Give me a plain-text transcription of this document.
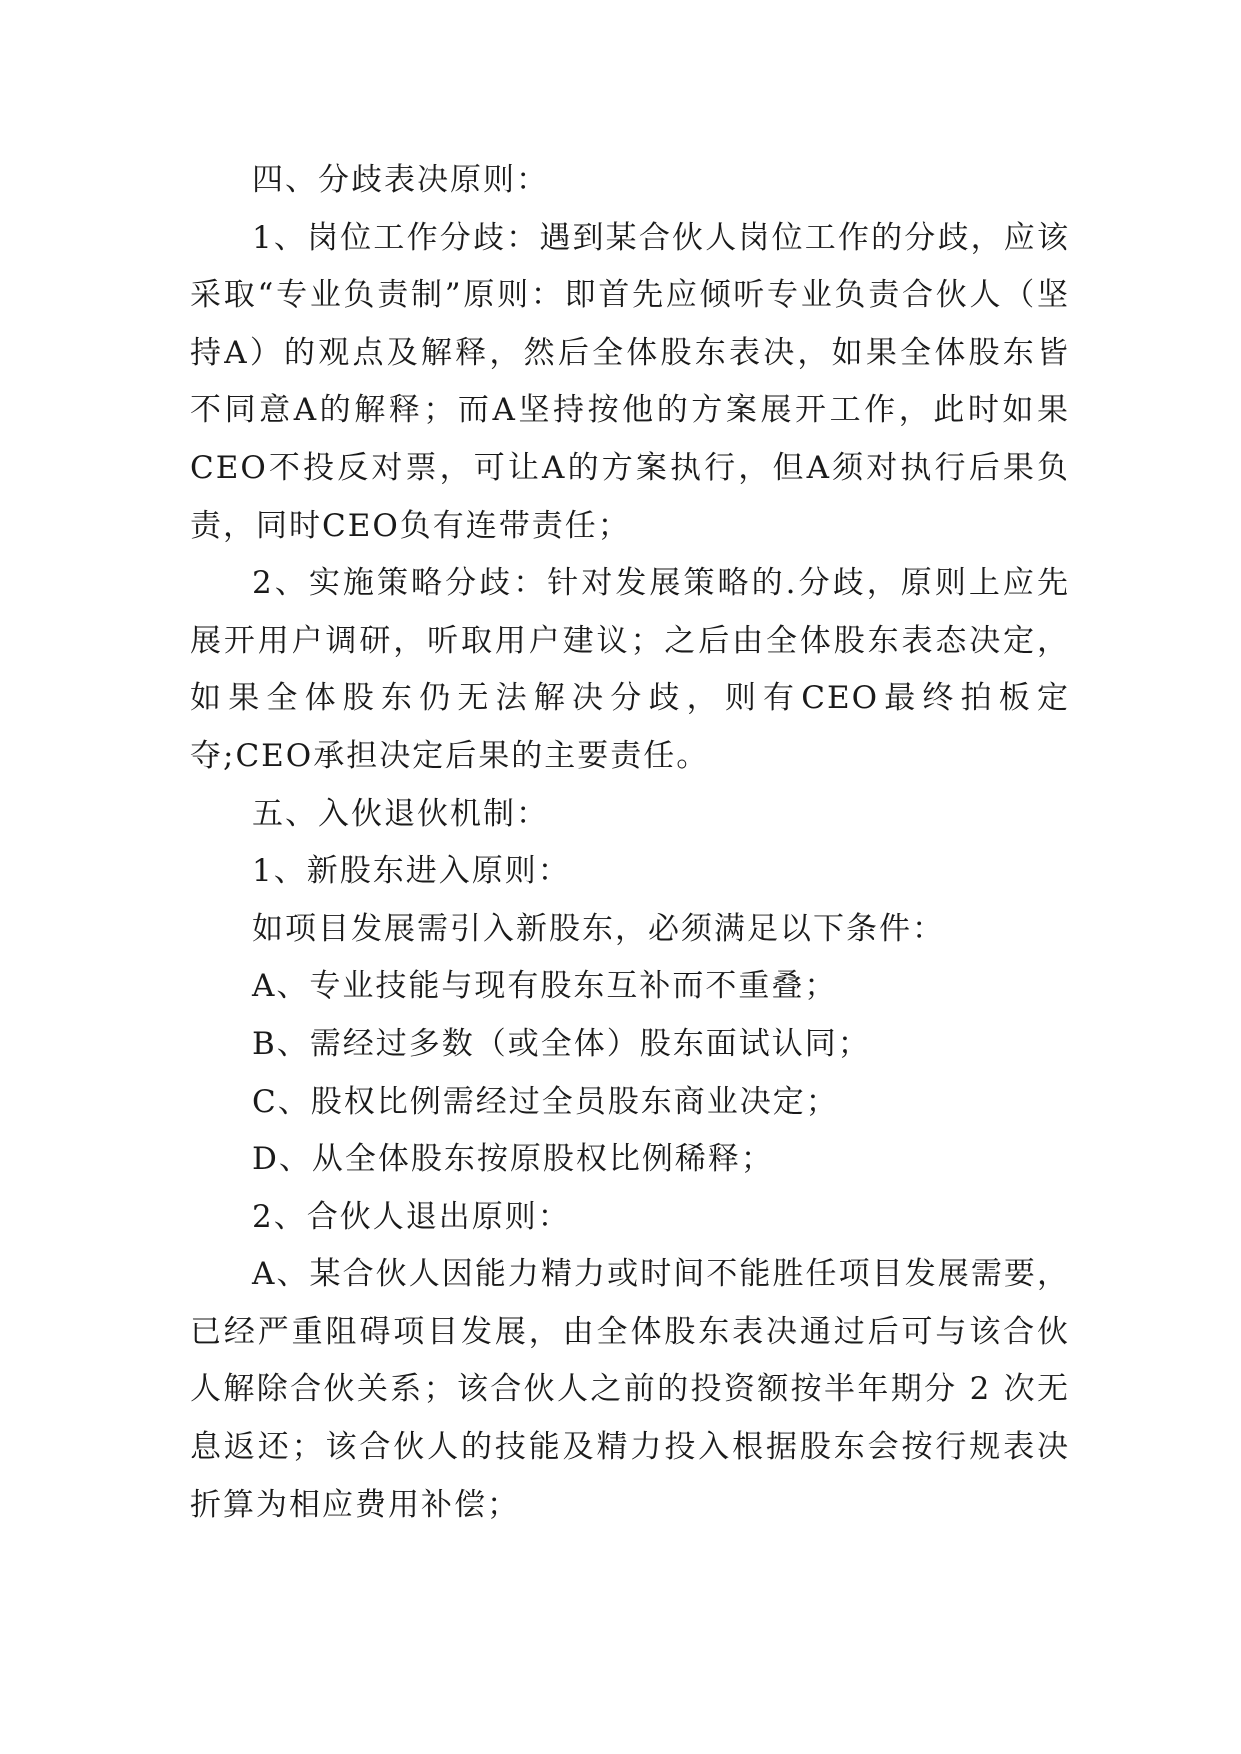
四、分歧表决原则：

1、岗位工作分歧：遇到某合伙人岗位工作的分歧，应该采取“专业负责制”原则：即首先应倾听专业负责合伙人（坚持A）的观点及解释，然后全体股东表决，如果全体股东皆不同意A的解释；而A坚持按他的方案展开工作，此时如果CEO不投反对票，可让A的方案执行，但A须对执行后果负责，同时CEO负有连带责任；

2、实施策略分歧：针对发展策略的.分歧，原则上应先展开用户调研，听取用户建议；之后由全体股东表态决定，如果全体股东仍无法解决分歧，则有CEO最终拍板定夺;CEO承担决定后果的主要责任。

五、入伙退伙机制：

1、新股东进入原则：

如项目发展需引入新股东，必须满足以下条件：

A、专业技能与现有股东互补而不重叠；

B、需经过多数（或全体）股东面试认同；

C、股权比例需经过全员股东商业决定；

D、从全体股东按原股权比例稀释；

2、合伙人退出原则：

A、某合伙人因能力精力或时间不能胜任项目发展需要，已经严重阻碍项目发展，由全体股东表决通过后可与该合伙人解除合伙关系；该合伙人之前的投资额按半年期分 2 次无息返还；该合伙人的技能及精力投入根据股东会按行规表决折算为相应费用补偿；
